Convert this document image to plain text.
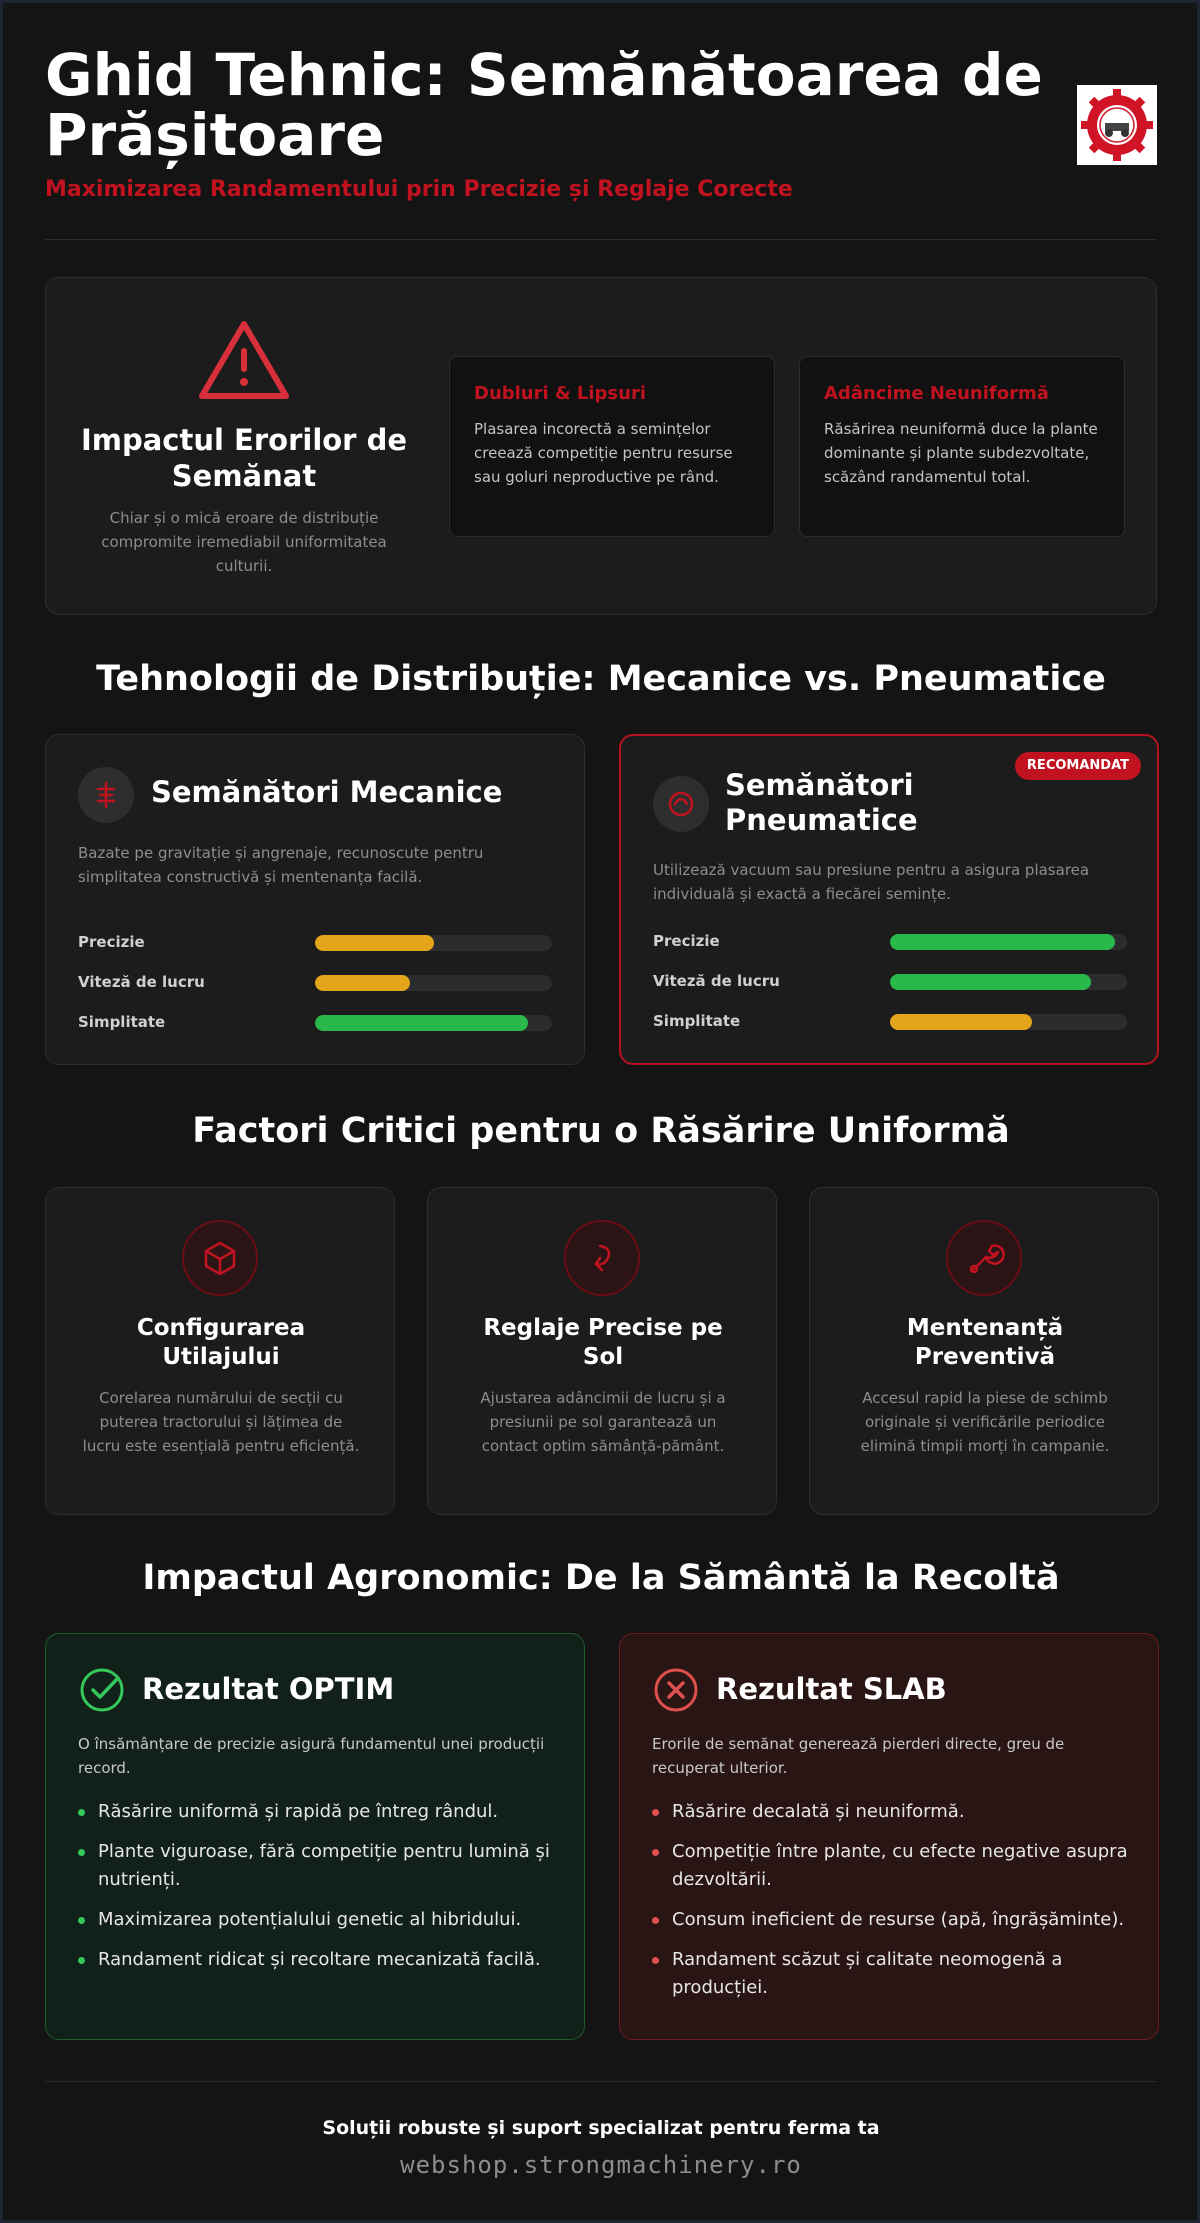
Ghid Tehnic: Semănătoarea de Prășitoare
Maximizarea Randamentului prin Precizie și Reglaje Corecte
Impactul Erorilor de Semănat
Chiar și o mică eroare de distribuție compromite iremediabil uniformitatea culturii.
Dubluri & Lipsuri
Plasarea incorectă a semințelor creează competiție pentru resurse sau goluri neproductive pe rând.
Adâncime Neuniformă
Răsărirea neuniformă duce la plante dominante și plante subdezvoltate, scăzând randamentul total.
Tehnologii de Distribuție: Mecanice vs. Pneumatice
Semănători Mecanice
Bazate pe gravitație și angrenaje, recunoscute pentru simplitatea constructivă și mentenanța facilă.
Precizie
Viteză de lucru
Simplitate
RECOMANDAT
Semănători Pneumatice
Utilizează vacuum sau presiune pentru a asigura plasarea individuală și exactă a fiecărei semințe.
Precizie
Viteză de lucru
Simplitate
Factori Critici pentru o Răsărire Uniformă
Configurarea Utilajului
Corelarea numărului de secții cu puterea tractorului și lățimea de lucru este esențială pentru eficiență.
Reglaje Precise pe Sol
Ajustarea adâncimii de lucru și a presiunii pe sol garantează un contact optim sămânță-pământ.
Mentenanță Preventivă
Accesul rapid la piese de schimb originale și verificările periodice elimină timpii morți în campanie.
Impactul Agronomic: De la Sământă la Recoltă
Rezultat OPTIM
O însămânțare de precizie asigură fundamentul unei producții record.
Răsărire uniformă și rapidă pe întreg rândul.
Plante viguroase, fără competiție pentru lumină și nutrienți.
Maximizarea potențialului genetic al hibridului.
Randament ridicat și recoltare mecanizată facilă.
Rezultat SLAB
Erorile de semănat generează pierderi directe, greu de recuperat ulterior.
Răsărire decalată și neuniformă.
Competiție între plante, cu efecte negative asupra dezvoltării.
Consum ineficient de resurse (apă, îngrășăminte).
Randament scăzut și calitate neomogenă a producției.
Soluții robuste și suport specializat pentru ferma ta
webshop.strongmachinery.ro
